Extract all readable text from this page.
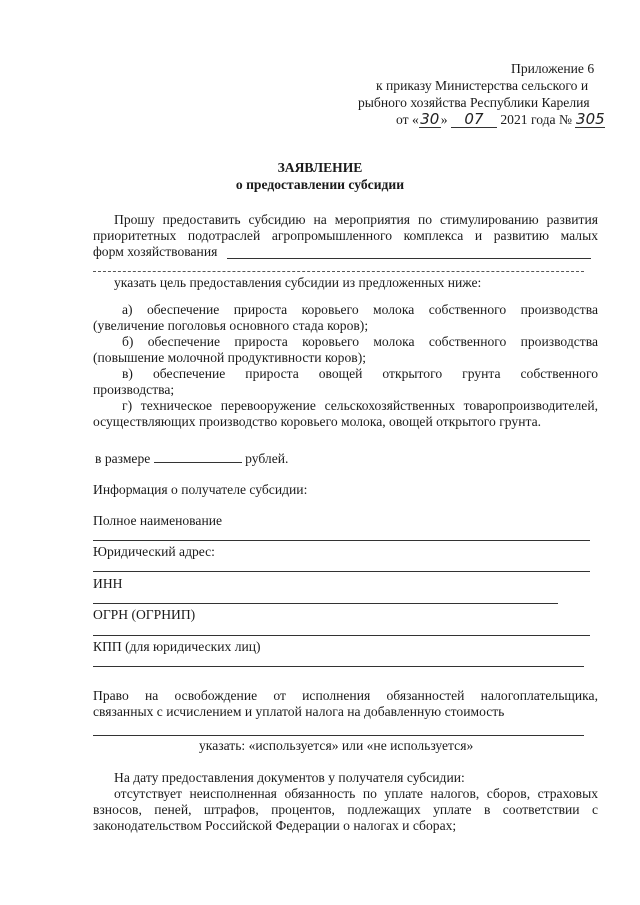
Приложение 6
к приказу Министерства сельского и
рыбного хозяйства Республики Карелия
от «30» 07 2021 года № 305
ЗАЯВЛЕНИЕ
о предоставлении субсидии
Прошу предоставить субсидию на мероприятия по стимулированию развития
приоритетных подотраслей агропромышленного комплекса и развитию малых
форм хозяйствования
указать цель предоставления субсидии из предложенных ниже:
а) обеспечение прироста коровьего молока собственного производства
(увеличение поголовья основного стада коров);
б) обеспечение прироста коровьего молока собственного производства
(повышение молочной продуктивности коров);
в) обеспечение прироста овощей открытого грунта собственного
производства;
г) техническое перевооружение сельскохозяйственных товаропроизводителей,
осуществляющих производство коровьего молока, овощей открытого грунта.
в размере	рублей.
Информация о получателе субсидии:
Полное наименование
Юридический адрес:
ИНН
ОГРН (ОГРНИП)
КПП (для юридических лиц)
Право на освобождение от исполнения обязанностей налогоплательщика,
связанных с исчислением и уплатой налога на добавленную стоимость
указать: «используется» или «не используется»
На дату предоставления документов у получателя субсидии:
отсутствует неисполненная обязанность по уплате налогов, сборов, страховых
взносов, пеней, штрафов, процентов, подлежащих уплате в соответствии с
законодательством Российской Федерации о налогах и сборах;
